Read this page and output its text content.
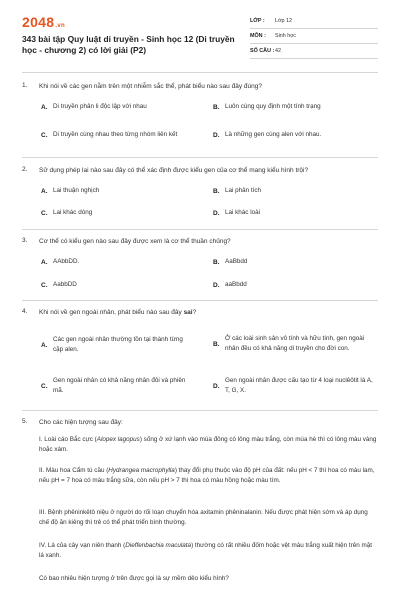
2048.vn
343 bài tập Quy luật di truyền - Sinh học 12 (Di truyền học - chương 2) có lời giải (P2)
LỚP :	Lớp 12
MÔN :	Sinh học
SỐ CÂU : 42
1. Khi nói về các gen nằm trên một nhiễm sắc thể, phát biểu nào sau đây đúng?
A. Di truyền phân li độc lập với nhau	B. Luôn cùng quy định một tính trạng
C. Di truyền cùng nhau theo từng nhóm liên kết	D. Là những gen cùng alen với nhau.
2. Sử dụng phép lai nào sau đây có thể xác định được kiểu gen của cơ thể mang kiểu hình trội?
A. Lai thuận nghịch	B. Lai phân tích
C. Lai khác dòng	D. Lai khác loài
3. Cơ thể có kiểu gen nào sau đây được xem là cơ thể thuần chủng?
A. AAbbDD.	B. AaBbdd
C. AabbDD	D. aaBbdd
4. Khi nói về gen ngoài nhân, phát biểu nào sau đây sai?
A.
Các gen ngoài nhân thường tồn tại thành từng cặp alen.
B.
Ở các loài sinh sản vô tính và hữu tính, gen ngoài nhân đều có khả năng di truyền cho đời con.
C.
Gen ngoài nhân có khả năng nhân đôi và phiên mã.
D.
Gen ngoài nhân được cấu tạo từ 4 loại nuclêôtit là A, T, G, X.
5. Cho các hiện tượng sau đây:
I. Loài cáo Bắc cực (Alopex lagopus) sống ở xứ lạnh vào mùa đông có lông màu trắng, còn mùa hè thì có lông màu vàng hoặc xám.
II. Màu hoa Cẩm tú cầu (Hydrangea macrophylla) thay đổi phụ thuộc vào độ pH của đất: nếu pH < 7 thì hoa có màu lam, nếu pH = 7 hoa có màu trắng sữa, còn nếu pH > 7 thì hoa có màu hồng hoặc màu tím.
III. Bệnh phêninkêtô niệu ở người do rối loạn chuyển hóa axitamin phêninalanin. Nếu được phát hiện sớm và áp dụng chế độ ăn kiêng thì trẻ có thể phát triển bình thường.
IV. Lá của cây vạn niên thanh (Dieffenbachia maculata) thường có rất nhiều đốm hoặc vệt màu trắng xuất hiện trên mặt lá xanh.
Có bao nhiêu hiện tượng ở trên được gọi là sự mềm dẻo kiểu hình?
